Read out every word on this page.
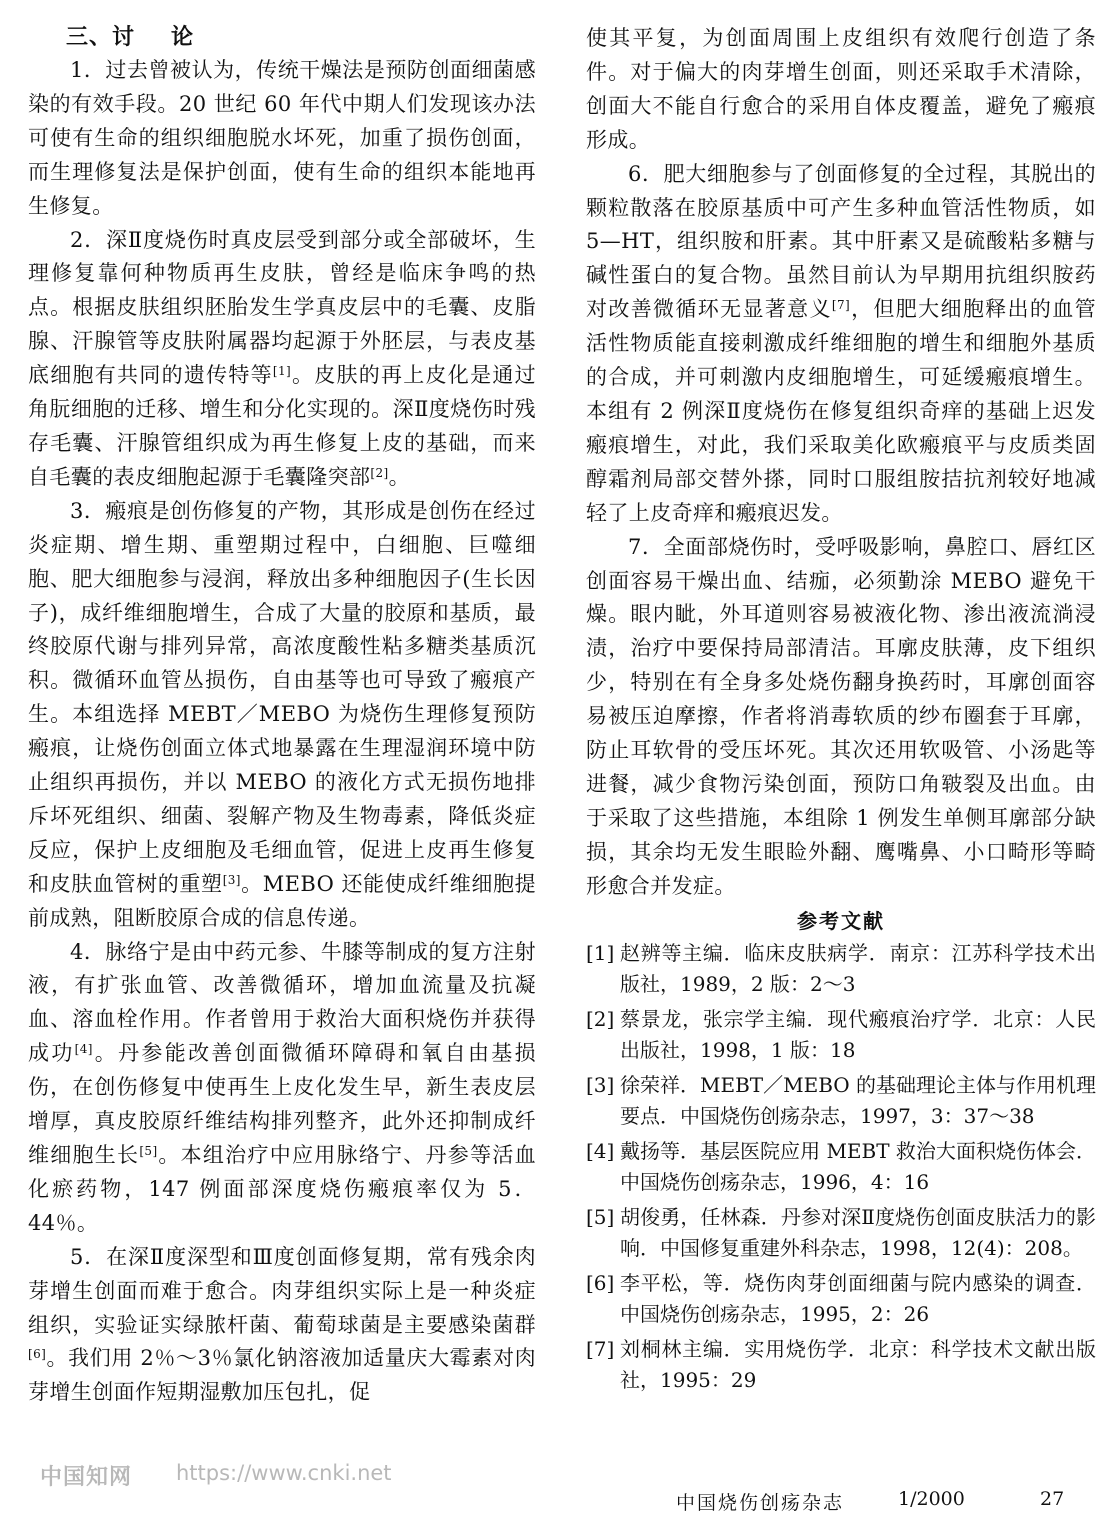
三、讨 论

1．过去曾被认为，传统干燥法是预防创面细菌感染的有效手段。20 世纪 60 年代中期人们发现该办法可使有生命的组织细胞脱水坏死，加重了损伤创面，而生理修复法是保护创面，使有生命的组织本能地再生修复。

2．深Ⅱ度烧伤时真皮层受到部分或全部破坏，生理修复靠何种物质再生皮肤，曾经是临床争鸣的热点。根据皮肤组织胚胎发生学真皮层中的毛囊、皮脂腺、汗腺管等皮肤附属器均起源于外胚层，与表皮基底细胞有共同的遗传特等[1]。皮肤的再上皮化是通过角朊细胞的迁移、增生和分化实现的。深Ⅱ度烧伤时残存毛囊、汗腺管组织成为再生修复上皮的基础，而来自毛囊的表皮细胞起源于毛囊隆突部[2]。

3．瘢痕是创伤修复的产物，其形成是创伤在经过炎症期、增生期、重塑期过程中，白细胞、巨噬细胞、肥大细胞参与浸润，释放出多种细胞因子(生长因子)，成纤维细胞增生，合成了大量的胶原和基质，最终胶原代谢与排列异常，高浓度酸性粘多糖类基质沉积。微循环血管丛损伤，自由基等也可导致了瘢痕产生。本组选择 MEBT／MEBO 为烧伤生理修复预防瘢痕，让烧伤创面立体式地暴露在生理湿润环境中防止组织再损伤，并以 MEBO 的液化方式无损伤地排斥坏死组织、细菌、裂解产物及生物毒素，降低炎症反应，保护上皮细胞及毛细血管，促进上皮再生修复和皮肤血管树的重塑[3]。MEBO 还能使成纤维细胞提前成熟，阻断胶原合成的信息传递。

4．脉络宁是由中药元参、牛膝等制成的复方注射液，有扩张血管、改善微循环，增加血流量及抗凝血、溶血栓作用。作者曾用于救治大面积烧伤并获得成功[4]。丹参能改善创面微循环障碍和氧自由基损伤，在创伤修复中使再生上皮化发生早，新生表皮层增厚，真皮胶原纤维结构排列整齐，此外还抑制成纤维细胞生长[5]。本组治疗中应用脉络宁、丹参等活血化瘀药物，147 例面部深度烧伤瘢痕率仅为 5．44％。

5．在深Ⅱ度深型和Ⅲ度创面修复期，常有残余肉芽增生创面而难于愈合。肉芽组织实际上是一种炎症组织，实验证实绿脓杆菌、葡萄球菌是主要感染菌群[6]。我们用 2％～3％氯化钠溶液加适量庆大霉素对肉芽增生创面作短期湿敷加压包扎，促

使其平复，为创面周围上皮组织有效爬行创造了条件。对于偏大的肉芽增生创面，则还采取手术清除，创面大不能自行愈合的采用自体皮覆盖，避免了瘢痕形成。

6．肥大细胞参与了创面修复的全过程，其脱出的颗粒散落在胶原基质中可产生多种血管活性物质，如 5—HT，组织胺和肝素。其中肝素又是硫酸粘多糖与碱性蛋白的复合物。虽然目前认为早期用抗组织胺药对改善微循环无显著意义[7]，但肥大细胞释出的血管活性物质能直接刺激成纤维细胞的增生和细胞外基质的合成，并可刺激内皮细胞增生，可延缓瘢痕增生。本组有 2 例深Ⅱ度烧伤在修复组织奇痒的基础上迟发瘢痕增生，对此，我们采取美化欧瘢痕平与皮质类固醇霜剂局部交替外搽，同时口服组胺拮抗剂较好地减轻了上皮奇痒和瘢痕迟发。

7．全面部烧伤时，受呼吸影响，鼻腔口、唇红区创面容易干燥出血、结痂，必须勤涂 MEBO 避免干燥。眼内眦，外耳道则容易被液化物、渗出液流淌浸渍，治疗中要保持局部清洁。耳廓皮肤薄，皮下组织少，特别在有全身多处烧伤翻身换药时，耳廓创面容易被压迫摩擦，作者将消毒软质的纱布圈套于耳廓，防止耳软骨的受压坏死。其次还用软吸管、小汤匙等进餐，减少食物污染创面，预防口角皲裂及出血。由于采取了这些措施，本组除 1 例发生单侧耳廓部分缺损，其余均无发生眼睑外翻、鹰嘴鼻、小口畸形等畸形愈合并发症。

参考文献
[1] 赵辨等主编．临床皮肤病学．南京：江苏科学技术出版社，1989，2 版：2～3
[2] 蔡景龙，张宗学主编．现代瘢痕治疗学．北京：人民出版社，1998，1 版：18
[3] 徐荣祥．MEBT／MEBO 的基础理论主体与作用机理要点．中国烧伤创疡杂志，1997，3：37～38
[4] 戴扬等．基层医院应用 MEBT 救治大面积烧伤体会．中国烧伤创疡杂志，1996，4：16
[5] 胡俊勇，任林森．丹参对深Ⅱ度烧伤创面皮肤活力的影响．中国修复重建外科杂志，1998，12(4)：208。
[6] 李平松，等．烧伤肉芽创面细菌与院内感染的调查．中国烧伤创疡杂志，1995，2：26
[7] 刘桐林主编．实用烧伤学．北京：科学技术文献出版社，1995：29
中国知网 https://www.cnki.net
中国烧伤创疡杂志	1/2000	27
